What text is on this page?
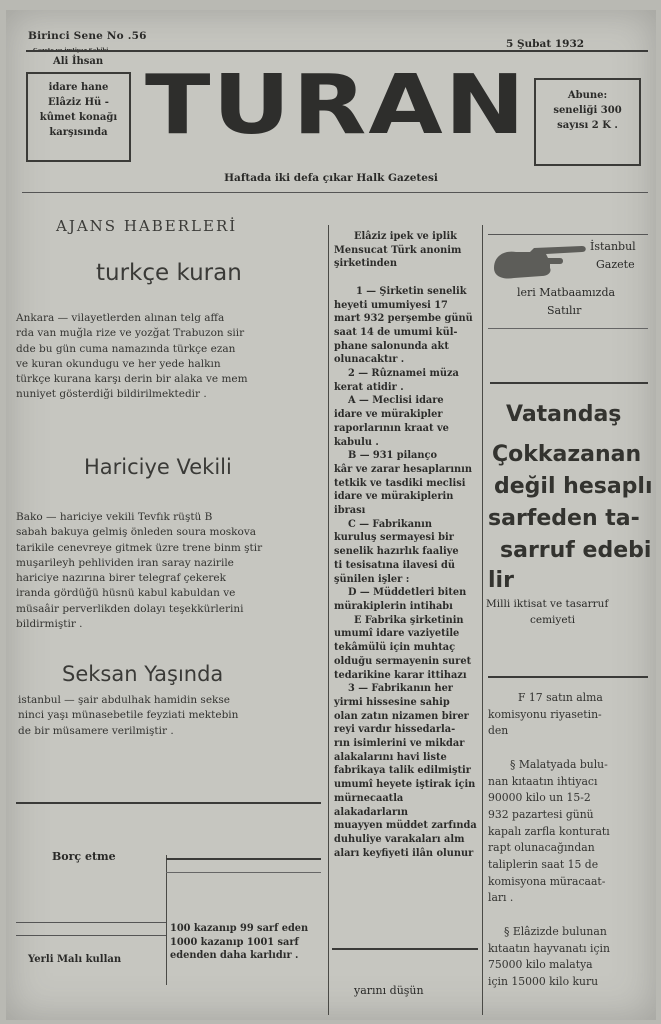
Birinci Sene No .56
Ali İhsan
5 Şubat 1932
idare hane
Elâziz Hü -
kûmet konağı
karşısında TURAN	Abune:
seneliği 300
sayısı 2 K .
Haftada iki defa çıkar Halk Gazetesi
AJANS HABERLERİ
turkçe kuran

Ankara — vilayetlerden alınan telg affa

rda van muğla rize ve yozğat Trabuzon siir

dde bu gün cuma namazında türkçe ezan

ve kuran okundugu ve her yede halkın

türkçe kurana karşı derin bir alaka ve mem

nuniyet gösterdiği bildirilmektedir .

Hariciye Vekili

Bako — hariciye vekili Tevfık rüştü B

sabah bakuya gelmiş önleden soura moskova

tarikile cenevreye gitmek üzre trene binm ştir

muşarileyh pehlividen iran saray nazirile

hariciye nazırına birer telegraf çekerek

iranda gördüğü hüsnü kabul kabuldan ve

müsaâir perverlikden dolayı teşekkürlerini

bildirmiştir .

Seksan Yaşında

istanbul — şair abdulhak hamidin sekse

ninci yaşı münasebetile feyziati mektebin

de bir müsamere verilmiştir .

Borç etme
Yerli Malı kullan

100 kazanıp 99 sarf eden

1000 kazanıp 1001 sarf

edenden daha karlıdır .

Elâziz ipek ve iplik

Mensucat Türk anonim

şirketinden

1 — Şirketin senelik

heyeti umumiyesi 17

mart 932 perşembe günü

saat 14 de umumi kül-

phane salonunda akt

olunacaktır .

2 — Rûznamei müza

kerat atidir .

A — Meclisi idare

idare ve mürakipler

raporlarının kraat ve

kabulu .

B — 931 pilanço

kâr ve zarar hesaplarının

tetkik ve tasdiki meclisi

idare ve mürakiplerin

ibrası

C — Fabrikanın

kuruluş sermayesi bir

senelik hazırlık faaliye

ti tesisatına ilavesi dü

şünilen işler :

D — Müddetleri biten

mürakiplerin intihabı

E Fabrika şirketinin

umumî idare vaziyetile

tekâmülü için muhtaç

olduğu sermayenin suret

tedarikine karar ittihazı

3 — Fabrikanın her

yirmi hissesine sahip

olan zatın nizamen birer

reyi vardır hissedarla-

rın isimlerini ve mikdar

alakalarını havi liste

fabrikaya talik edilmiştir

umumî heyete iştirak için

mürnecaatla alakadarların

muayyen müddet zarfında

duhuliye varakaları alm

aları keyfiyeti ilân olunur

yarını düşün
İstanbul
Gazete
leri Matbaamızda
Satılır
Vatandaş
Çokkazanan
değil hesaplı
sarfeden ta-
sarruf edebi
lir
Milli iktisat ve tasarruf
cemiyeti

F 17 satın alma

komisyonu riyasetin-

den

§ Malatyada bulu-

nan kıtaatın ihtiyacı

90000 kilo un 15-2

932 pazartesi günü

kapalı zarfla konturatı

rapt olunacağından

taliplerin saat 15 de

komisyona müracaat-

ları .

§ Elâzizde bulunan

kıtaatın hayvanatı için

75000 kilo malatya

için 15000 kilo kuru
